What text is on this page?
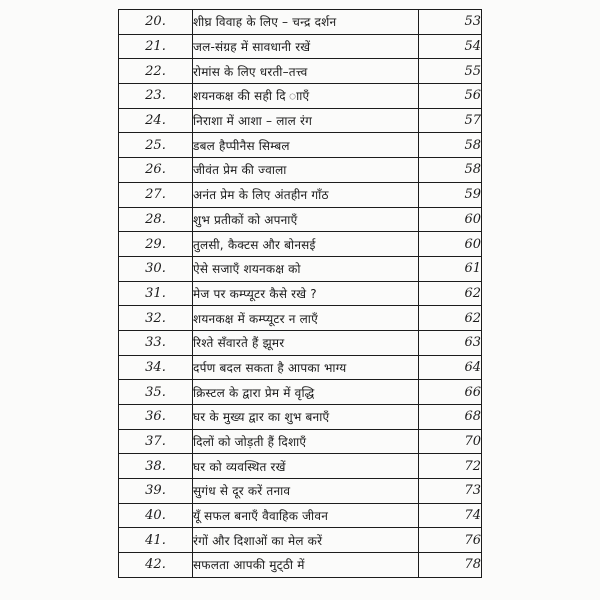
20.	शीघ्र विवाह के लिए – चन्द्र दर्शन	53
21.	जल-संग्रह में सावधानी रखें	54
22.	रोमांस के लिए धरती–तत्त्व	55
23.	शयनकक्ष की सही दि ााएँ	56
24.	निराशा में आशा – लाल रंग	57
25.	डबल हैप्पीनैस सिम्बल	58
26.	जीवंत प्रेम की ज्वाला	58
27.	अनंत प्रेम के लिए अंतहीन गाँठ	59
28.	शुभ प्रतीकों को अपनाएँ	60
29.	तुलसी, कैक्टस और बोनसई	60
30.	ऐसे सजाएँ शयनकक्ष को	61
31.	मेज पर कम्प्यूटर कैसे रखे ?	62
32.	शयनकक्ष में कम्प्यूटर न लाएँ	62
33.	रिश्ते सँवारते हैं झूमर	63
34.	दर्पण बदल सकता है आपका भाग्य	64
35.	क्रिस्टल के द्वारा प्रेम में वृद्धि	66
36.	घर के मुख्य द्वार का शुभ बनाएँ	68
37.	दिलों को जोड़ती हैं दिशाएँ	70
38.	घर को व्यवस्थित रखें	72
39.	सुगंध से दूर करें तनाव	73
40.	यूँ सफल बनाएँ वैवाहिक जीवन	74
41.	रंगों और दिशाओं का मेल करें	76
42.	सफलता आपकी मुट्‌ठी में	78
